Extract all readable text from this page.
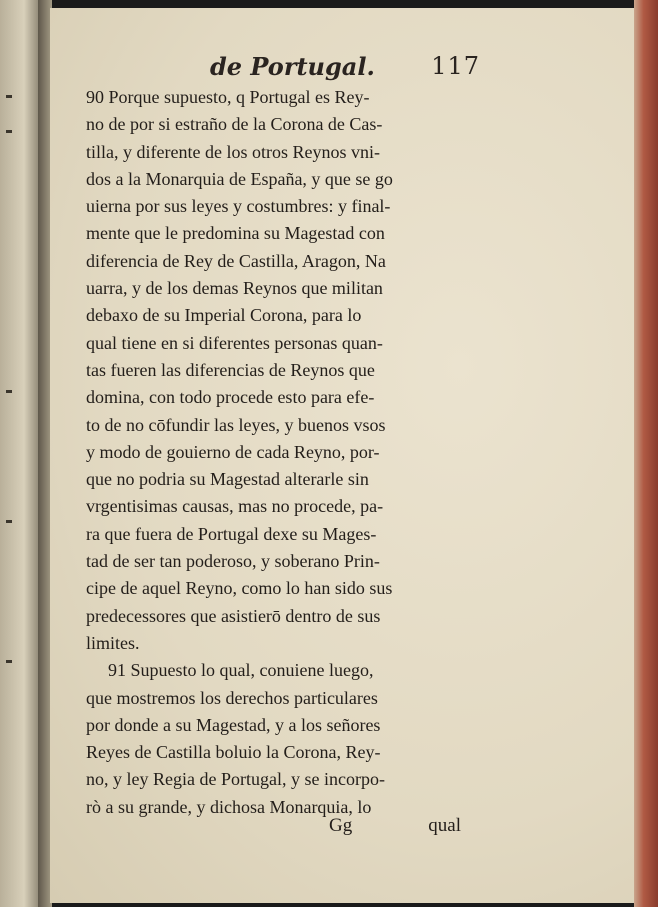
de Portugal. 117
90 Porque supuesto, q Portugal es Rey-
no de por si estraño de la Corona de Cas-
tilla, y diferente de los otros Reynos vni-
dos a la Monarquia de España, y que se go
uierna por sus leyes y costumbres: y final-
mente que le predomina su Magestad con
diferencia de Rey de Castilla, Aragon, Na
uarra, y de los demas Reynos que militan
debaxo de su Imperial Corona, para lo
qual tiene en si diferentes personas quan-
tas fueren las diferencias de Reynos que
domina, con todo procede esto para efe-
to de no cōfundir las leyes, y buenos vsos
y modo de gouierno de cada Reyno, por-
que no podria su Magestad alterarle sin
vrgentisimas causas, mas no procede, pa-
ra que fuera de Portugal dexe su Mages-
tad de ser tan poderoso, y soberano Prin-
cipe de aquel Reyno, como lo han sido sus
predecessores que asistierō dentro de sus
limites.
91 Supuesto lo qual, conuiene luego,
que mostremos los derechos particulares
por donde a su Magestad, y a los señores
Reyes de Castilla boluio la Corona, Rey-
no, y ley Regia de Portugal, y se incorpo-
rò a su grande, y dichosa Monarquia, lo
Gg	qual
